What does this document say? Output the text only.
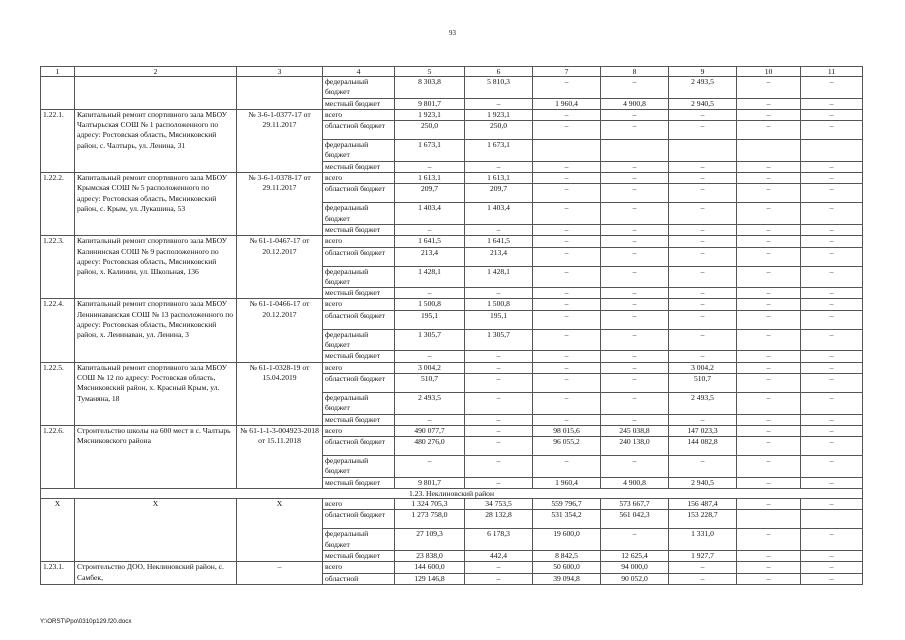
93
1	2	3	4	5	6	7	8	9	10	11
			федеральный бюджет	8 303,8	5 810,3	–	–	2 493,5	–	–
			местный бюджет	9 801,7	–	1 960,4	4 900,8	2 940,5	–	–
1.22.1.	Капитальный ремонт спортивного зала МБОУ Чалтырьская СОШ № 1 расположенного по адресу: Ростовская область, Мясниковский район, с. Чалтырь, ул. Ленина, 31	№ 3-6-1-0377-17 от 29.11.2017	всего	1 923,1	1 923,1	–	–	–	–	–
			областной бюджет	250,0	250,0	–	–	–	–	–
			федеральный бюджет	1 673,1	1 673,1					
			местный бюджет	–	–	–	–	–	–	–
1.22.2.	Капитальный ремонт спортивного зала МБОУ Крымская СОШ № 5 расположенного по адресу: Ростовская область, Мясниковский район, с. Крым, ул. Лукашина, 53	№ 3-6-1-0378-17 от 29.11.2017	всего	1 613,1	1 613,1	–	–	–	–	–
			областной бюджет	209,7	209,7	–	–	–	–	–
			федеральный бюджет	1 403,4	1 403,4	–	–	–	–	–
			местный бюджет	–	–	–	–	–	–	–
1.22.3.	Капитальный ремонт спортивного зала МБОУ Калининская СОШ № 9 расположенного по адресу: Ростовская область, Мясниковский район, х. Калинин, ул. Школьная, 136	№ 61-1-0467-17 от 20.12.2017	всего	1 641,5	1 641,5	–	–	–	–	–
			областной бюджет	213,4	213,4	–	–	–	–	–
			федеральный бюджет	1 428,1	1 428,1	–	–	–	–	–
			местный бюджет	–	–	–	–	–	–	–
1.22.4.	Капитальный ремонт спортивного зала МБОУ Леннинаванская СОШ № 13 расположенного по адресу: Ростовская область, Мясниковский район, х. Ленинаван, ул. Ленина, 3	№ 61-1-0466-17 от 20.12.2017	всего	1 500,8	1 500,8	–	–	–	–	–
			областной бюджет	195,1	195,1	–	–	–	–	–
			федеральный бюджет	1 305,7	1 305,7	–	–	–	–	–
			местный бюджет	–	–	–	–	–	–	–
1.22.5.	Капитальный ремонт спортивного зала МБОУ СОШ № 12 по адресу: Ростовская область, Мясниковский район, х. Красный Крым, ул. Туманяна, 18	№ 61-1-0328-19 от 15.04.2019	всего	3 004,2	–	–	–	3 004,2	–	–
			областной бюджет	510,7	–	–	–	510,7	–	–
			федеральный бюджет	2 493,5	–	–	–	2 493,5	–	–
			местный бюджет	–	–	–	–	–	–	–
1.22.6.	Строительство школы на 600 мест в с. Чалтырь Мясниковского района	№ 61-1-1-3-004923-2018 от 15.11.2018	всего	490 077,7	–	98 015,6	245 038,8	147 023,3	–	–
			областной бюджет	480 276,0	–	96 055,2	240 138,0	144 082,8	–	–
			федеральный бюджет	–	–	–	–	–	–	–
			местный бюджет	9 801,7	–	1 960,4	4 900,8	2 940,5	–	–
1.23. Неклиновский район										
Х	Х	Х	всего	1 324 705,3	34 753,5	559 796,7	573 667,7	156 487,4	–	–
			областной бюджет	1 273 758,0	28 132,8	531 354,2	561 042,3	153 228,7		
			федеральный бюджет	27 109,3	6 178,3	19 600,0	–	1 331,0	–	–
			местный бюджет	23 838,0	442,4	8 842,5	12 625,4	1 927,7	–	–
1.23.1.	Строительство ДОО, Неклиновский район, с. Самбек,	–	всего	144 600,0	–	50 600,0	94 000,0	–	–	–
			областной	129 146,8	–	39 094,8	90 052,0	–	–	–
Y:\ORST\Ppo\0310p129.f20.docx
